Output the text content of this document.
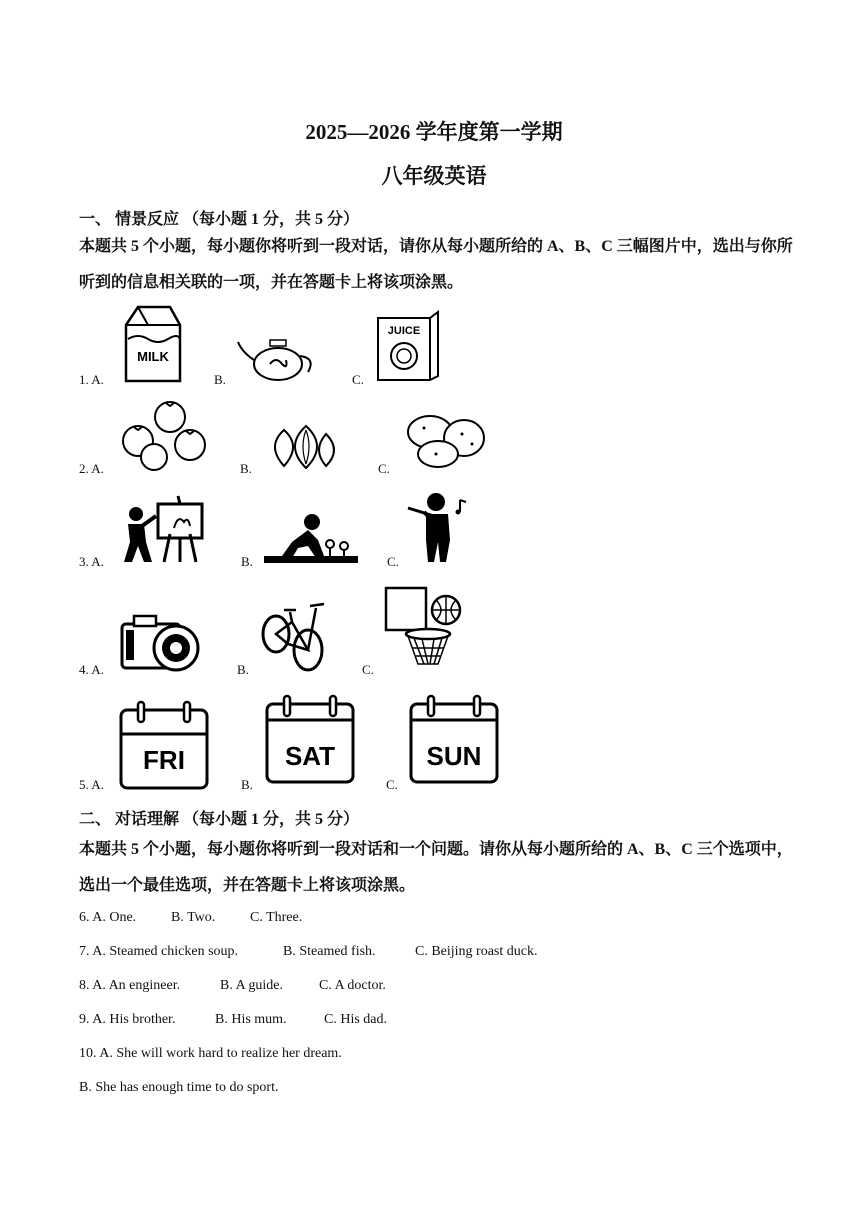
2025—2026 学年度第一学期
八年级英语
一、 情景反应 （每小题 1 分，共 5 分）
本题共 5 个小题，每小题你将听到一段对话，请你从每小题所给的 A、B、C 三幅图片中，选出与你所听到的信息相关联的一项，并在答题卡上将该项涂黑。
1. A.
MILK
B.	C.
JUICE
2. A.	B.	C.
3. A.	B.	C.
4. A.	B.	C.
5. A.
FRI
B.
SAT
C.
SUN
二、 对话理解 （每小题 1 分，共 5 分）
本题共 5 个小题，每小题你将听到一段对话和一个问题。请你从每小题所给的 A、B、C 三个选项中，选出一个最佳选项，并在答题卡上将该项涂黑。
6. A. One. B. Two. C. Three.
7. A. Steamed chicken soup.	B. Steamed fish.	C. Beijing roast duck.
8. A. An engineer.	B. A guide.	C. A doctor.
9. A. His brother.	B. His mum.	C. His dad.
10. A. She will work hard to realize her dream.
B. She has enough time to do sport.
